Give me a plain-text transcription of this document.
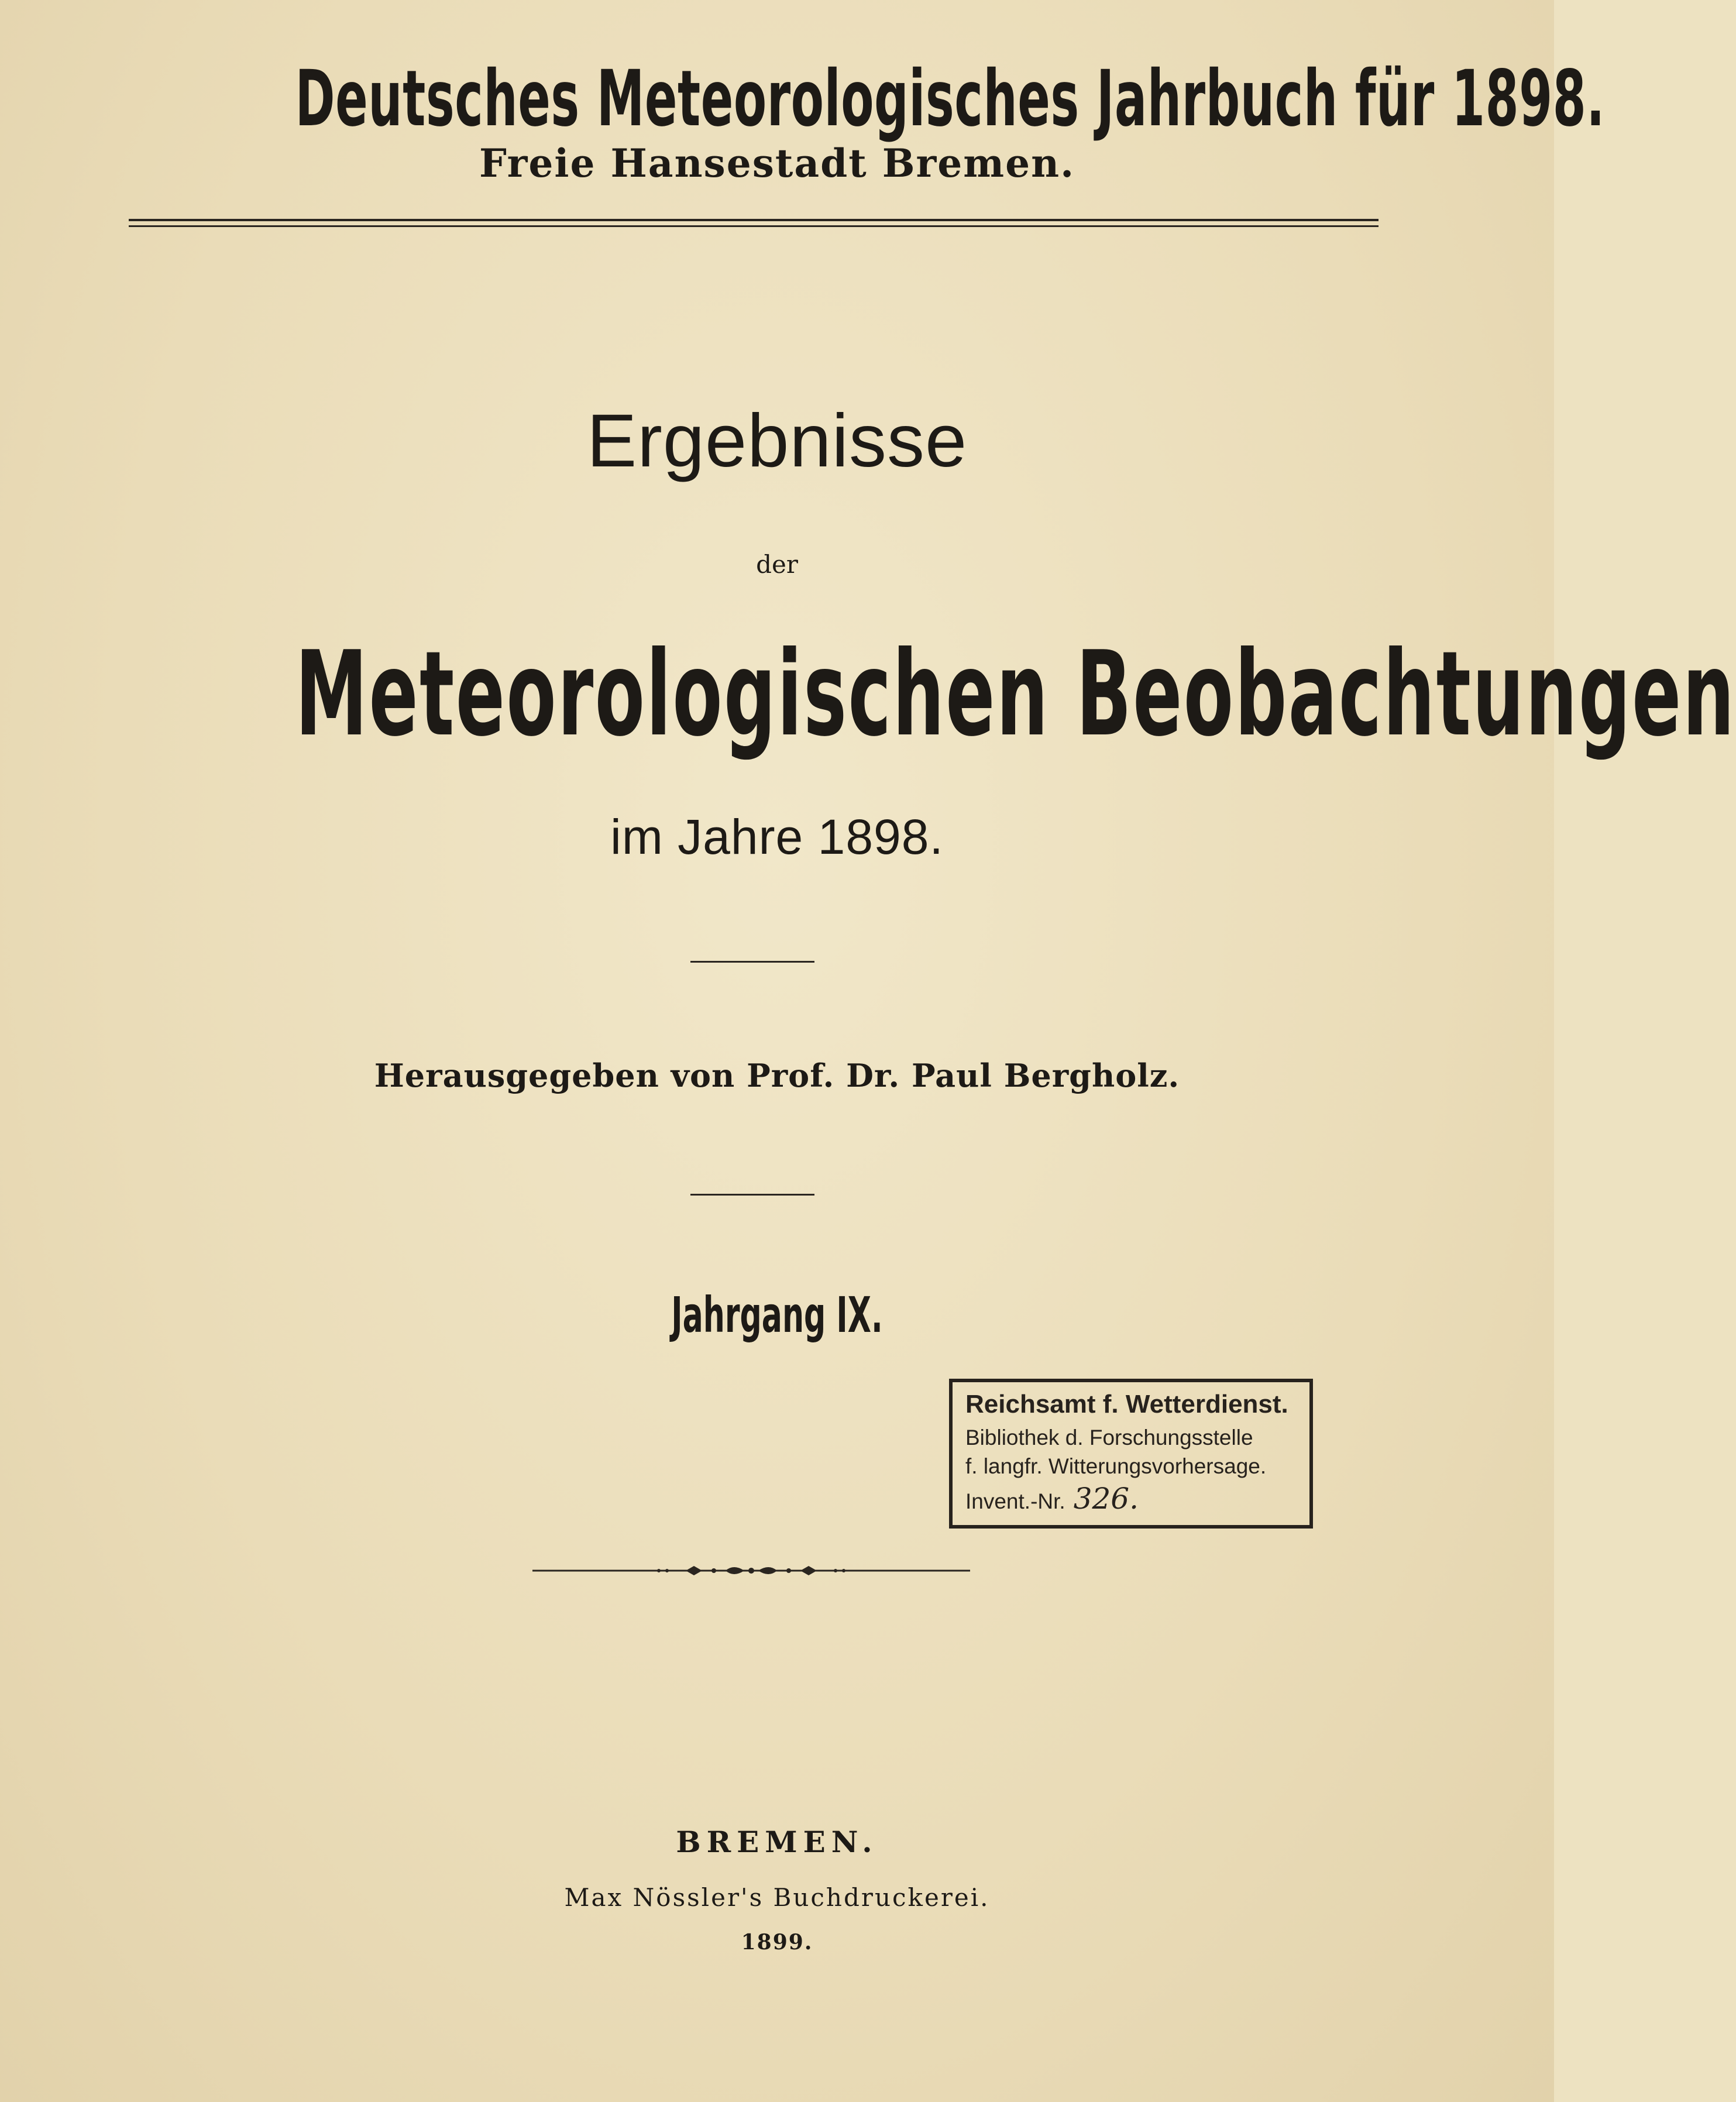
Deutsches Meteorologisches Jahrbuch für 1898.

Freie Hansestadt Bremen.

Ergebnisse

der

Meteorologischen Beobachtungen

im Jahre 1898.

Herausgegeben von Prof. Dr. Paul Bergholz.

Jahrgang IX.

Reichsamt f. Wetterdienst.
Bibliothek d. Forschungsstelle
f. langfr. Witterungsvorhersage.
Invent.-Nr. 326.

BREMEN.

Max Nössler's Buchdruckerei.

1899.
